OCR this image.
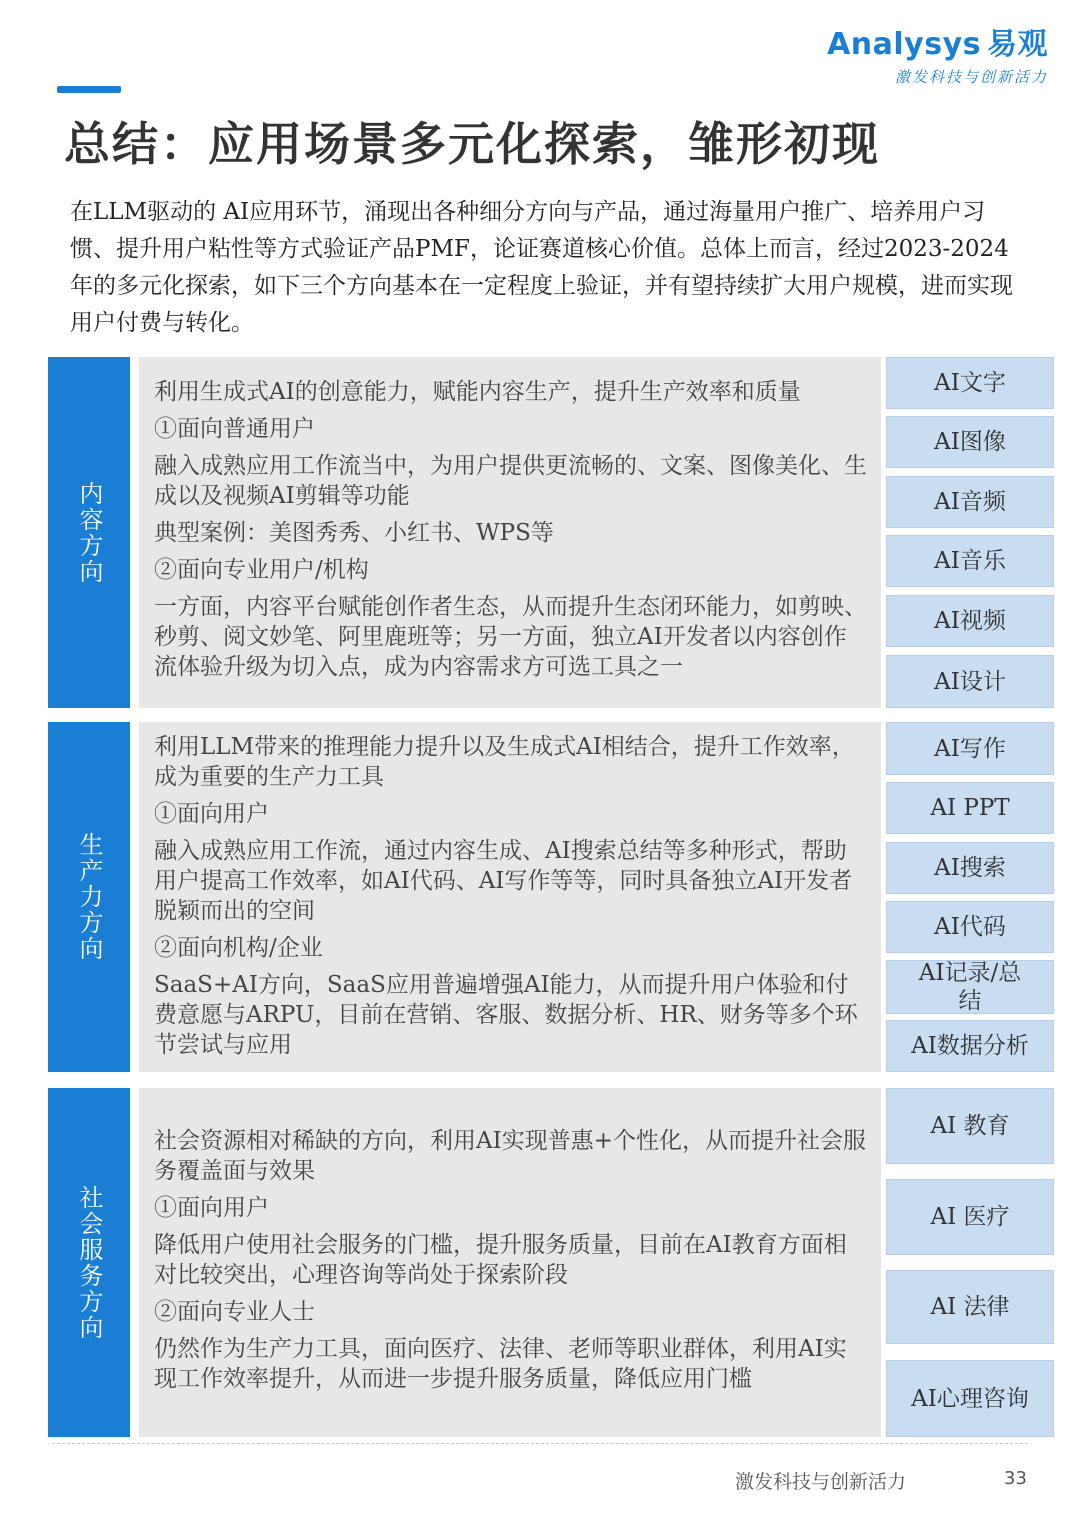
Analysys 易观
激发科技与创新活力
总结：应用场景多元化探索，雏形初现

在LLM驱动的 AI应用环节，涌现出各种细分方向与产品，通过海量用户推广、培养用户习惯、提升用户粘性等方式验证产品PMF，论证赛道核心价值。总体上而言，经过2023-2024年的多元化探索，如下三个方向基本在一定程度上验证，并有望持续扩大用户规模，进而实现用户付费与转化。

内容方向

利用生成式AI的创意能力，赋能内容生产，提升生产效率和质量

①面向普通用户

融入成熟应用工作流当中，为用户提供更流畅的、文案、图像美化、生成以及视频AI剪辑等功能

典型案例：美图秀秀、小红书、WPS等

②面向专业用户/机构

一方面，内容平台赋能创作者生态，从而提升生态闭环能力，如剪映、秒剪、阅文妙笔、阿里鹿班等；另一方面，独立AI开发者以内容创作流体验升级为切入点，成为内容需求方可选工具之一

AI文字
AI图像
AI音频
AI音乐
AI视频
AI设计
生产力方向

利用LLM带来的推理能力提升以及生成式AI相结合，提升工作效率，成为重要的生产力工具

①面向用户

融入成熟应用工作流，通过内容生成、AI搜索总结等多种形式，帮助用户提高工作效率，如AI代码、AI写作等等，同时具备独立AI开发者脱颖而出的空间

②面向机构/企业

SaaS+AI方向，SaaS应用普遍增强AI能力，从而提升用户体验和付费意愿与ARPU，目前在营销、客服、数据分析、HR、财务等多个环节尝试与应用

AI写作
AI PPT
AI搜索
AI代码
AI记录/总结
AI数据分析
社会服务方向

社会资源相对稀缺的方向，利用AI实现普惠+个性化，从而提升社会服务覆盖面与效果

①面向用户

降低用户使用社会服务的门槛，提升服务质量，目前在AI教育方面相对比较突出，心理咨询等尚处于探索阶段

②面向专业人士

仍然作为生产力工具，面向医疗、法律、老师等职业群体，利用AI实现工作效率提升，从而进一步提升服务质量，降低应用门槛

AI 教育
AI 医疗
AI 法律
AI心理咨询
激发科技与创新活力	33
